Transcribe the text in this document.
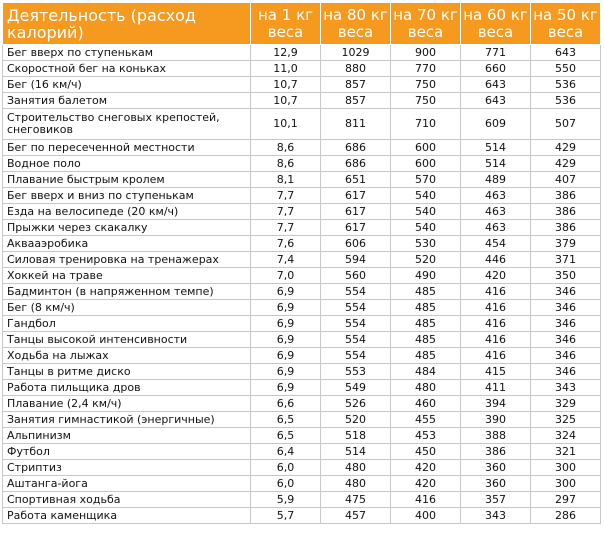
Деятельность (расход калорий)	на 1 кг веса	на 80 кг веса	на 70 кг веса	на 60 кг веса	на 50 кг веса
Бег вверх по ступенькам	12,9	1029	900	771	643
Скоростной бег на коньках	11,0	880	770	660	550
Бег (16 км/ч)	10,7	857	750	643	536
Занятия балетом	10,7	857	750	643	536
Строительство снеговых крепостей, снеговиков	10,1	811	710	609	507
Бег по пересеченной местности	8,6	686	600	514	429
Водное поло	8,6	686	600	514	429
Плавание быстрым кролем	8,1	651	570	489	407
Бег вверх и вниз по ступенькам	7,7	617	540	463	386
Езда на велосипеде (20 км/ч)	7,7	617	540	463	386
Прыжки через скакалку	7,7	617	540	463	386
Аквааэробика	7,6	606	530	454	379
Силовая тренировка на тренажерах	7,4	594	520	446	371
Хоккей на траве	7,0	560	490	420	350
Бадминтон (в напряженном темпе)	6,9	554	485	416	346
Бег (8 км/ч)	6,9	554	485	416	346
Гандбол	6,9	554	485	416	346
Танцы высокой интенсивности	6,9	554	485	416	346
Ходьба на лыжах	6,9	554	485	416	346
Танцы в ритме диско	6,9	553	484	415	346
Работа пильщика дров	6,9	549	480	411	343
Плавание (2,4 км/ч)	6,6	526	460	394	329
Занятия гимнастикой (энергичные)	6,5	520	455	390	325
Альпинизм	6,5	518	453	388	324
Футбол	6,4	514	450	386	321
Стриптиз	6,0	480	420	360	300
Аштанга-йога	6,0	480	420	360	300
Спортивная ходьба	5,9	475	416	357	297
Работа каменщика	5,7	457	400	343	286
